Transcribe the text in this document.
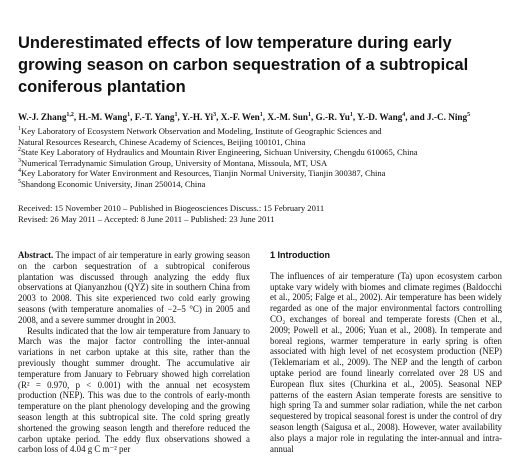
Underestimated effects of low temperature during early growing season on carbon sequestration of a subtropical coniferous plantation
W.-J. Zhang$^{1,2}$, H.-M. Wang$^1$, F.-T. Yang$^1$, Y.-H. Yi$^3$, X.-F. Wen$^1$, X.-M. Sun$^1$, G.-R. Yu$^1$, Y.-D. Wang$^4$, and J.-C. Ning$^5$
$^1$Key Laboratory of Ecosystem Network Observation and Modeling, Institute of Geographic Sciences and
Natural Resources Research, Chinese Academy of Sciences, Beijing 100101, China
$^2$State Key Laboratory of Hydraulics and Mountain River Engineering, Sichuan University, Chengdu 610065, China
$^3$Numerical Terradynamic Simulation Group, University of Montana, Missoula, MT, USA
$^4$Key Laboratory for Water Environment and Resources, Tianjin Normal University, Tianjin 300387, China
$^5$Shandong Economic University, Jinan 250014, China
Received: 15 November 2010 – Published in Biogeosciences Discuss.: 15 February 2011
Revised: 26 May 2011 – Accepted: 8 June 2011 – Published: 23 June 2011

Abstract. The impact of air temperature in early growing season on the carbon sequestration of a subtropical coniferous plantation was discussed through analyzing the eddy flux observations at Qianyanzhou (QYZ) site in southern China from 2003 to 2008. This site experienced two cold early growing seasons (with temperature anomalies of −2–5 °C) in 2005 and 2008, and a severe summer drought in 2003.

Results indicated that the low air temperature from January to March was the major factor controlling the inter-annual variations in net carbon uptake at this site, rather than the previously thought summer drought. The accumulative air temperature from January to February showed high correlation (R² = 0.970, p < 0.001) with the annual net ecosystem production (NEP). This was due to the controls of early-month temperature on the plant phenology developing and the growing season length at this subtropical site. The cold spring greatly shortened the growing season length and therefore reduced the carbon uptake period. The eddy flux observations showed a carbon loss of 4.04 g C m⁻² per

1 Introduction

The influences of air temperature (Ta) upon ecosystem carbon uptake vary widely with biomes and climate regimes (Baldocchi et al., 2005; Falge et al., 2002). Air temperature has been widely regarded as one of the major environmental factors controlling CO₂ exchanges of boreal and temperate forests (Chen et al., 2009; Powell et al., 2006; Yuan et al., 2008). In temperate and boreal regions, warmer temperature in early spring is often associated with high level of net ecosystem production (NEP) (Teklemariam et al., 2009). The NEP and the length of carbon uptake period are found linearly correlated over 28 US and European flux sites (Churkina et al., 2005). Seasonal NEP patterns of the eastern Asian temperate forests are sensitive to high spring Ta and summer solar radiation, while the net carbon sequestered by tropical seasonal forest is under the control of dry season length (Saigusa et al., 2008). However, water availability also plays a major role in regulating the inter-annual and intra-annual
